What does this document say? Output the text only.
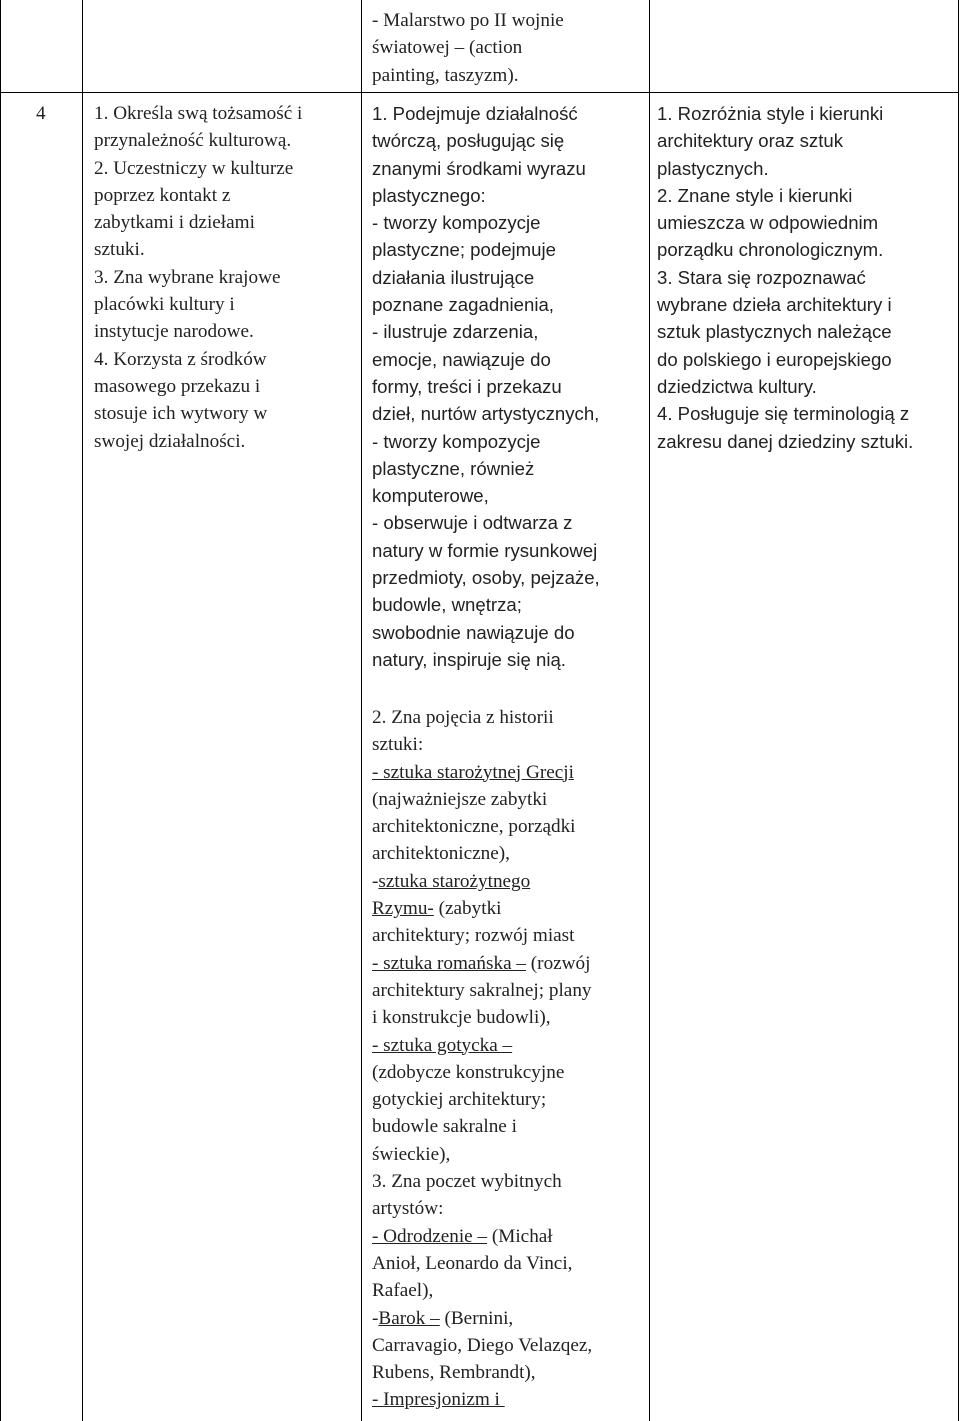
4	1. Określa swą tożsamość i
przynależność kulturową.
2. Uczestniczy w kulturze
poprzez kontakt z
zabytkami i dziełami
sztuki.
3. Zna wybrane krajowe
placówki kultury i
instytucje narodowe.
4. Korzysta z środków
masowego przekazu i
stosuje ich wytwory w
swojej działalności.
- Malarstwo po II wojnie
światowej – (action
painting, taszyzm).
1. Podejmuje działalność
twórczą, posługując się
znanymi środkami wyrazu
plastycznego:
- tworzy kompozycje
plastyczne; podejmuje
działania ilustrujące
poznane zagadnienia,
- ilustruje zdarzenia,
emocje, nawiązuje do
formy, treści i przekazu
dzieł, nurtów artystycznych,
- tworzy kompozycje
plastyczne, również
komputerowe,
- obserwuje i odtwarza z
natury w formie rysunkowej
przedmioty, osoby, pejzaże,
budowle, wnętrza;
swobodnie nawiązuje do
natury, inspiruje się nią.
2. Zna pojęcia z historii
sztuki:
- sztuka starożytnej Grecji
(najważniejsze zabytki
architektoniczne, porządki
architektoniczne),
-sztuka starożytnego
Rzymu- (zabytki
architektury; rozwój miast
- sztuka romańska – (rozwój
architektury sakralnej; plany
i konstrukcje budowli),
- sztuka gotycka –
(zdobycze konstrukcyjne
gotyckiej architektury;
budowle sakralne i
świeckie),
3. Zna poczet wybitnych
artystów:
- Odrodzenie – (Michał
Anioł, Leonardo da Vinci,
Rafael),
-Barok – (Bernini,
Carravagio, Diego Velazqez,
Rubens, Rembrandt),
- Impresjonizm i
1. Rozróżnia style i kierunki
architektury oraz sztuk
plastycznych.
2. Znane style i kierunki
umieszcza w odpowiednim
porządku chronologicznym.
3. Stara się rozpoznawać
wybrane dzieła architektury i
sztuk plastycznych należące
do polskiego i europejskiego
dziedzictwa kultury.
4. Posługuje się terminologią z
zakresu danej dziedziny sztuki.
